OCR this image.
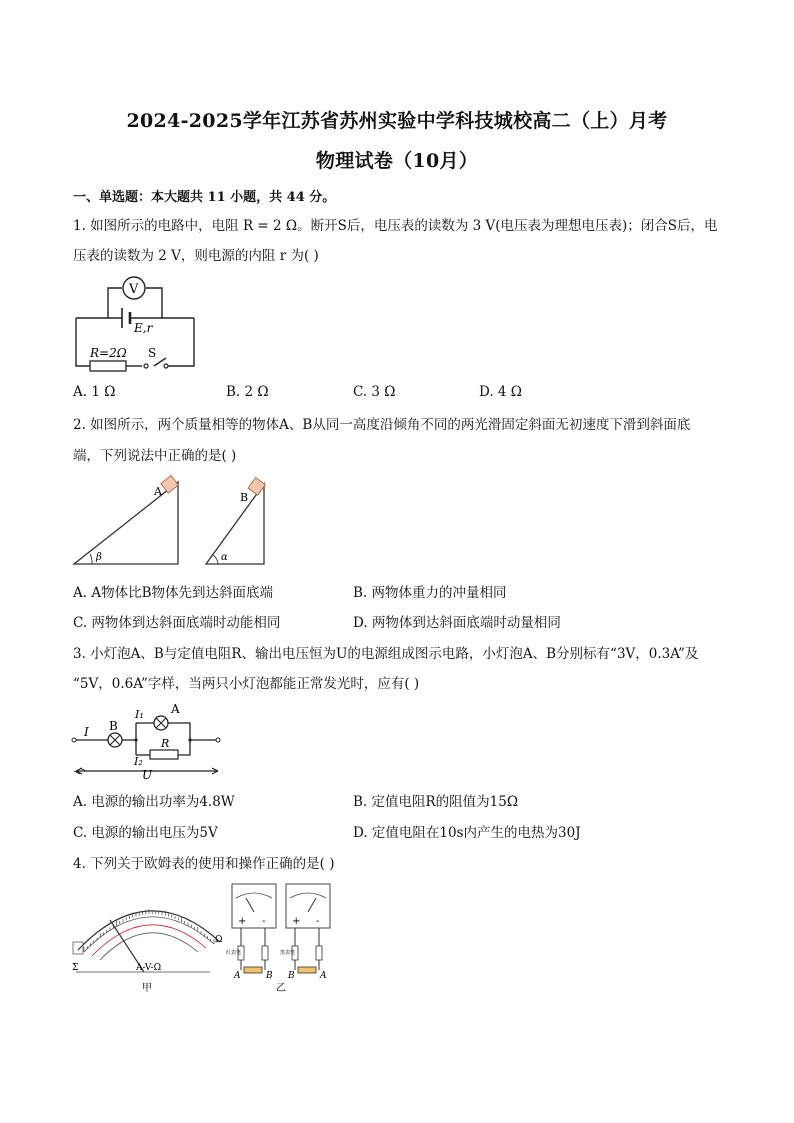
2024-2025学年江苏省苏州实验中学科技城校高二（上）月考
物理试卷（10月）
一、单选题：本大题共 11 小题，共 44 分。
1. 如图所示的电路中，电阻 R = 2 Ω。断开S后，电压表的读数为 3 V(电压表为理想电压表)；闭合S后，电
压表的读数为 2 V，则电源的内阻 r 为( )
V
E,r
R=2Ω S
A. 1 Ω	B. 2 Ω	C. 3 Ω	D. 4 Ω
2. 如图所示，两个质量相等的物体A、B从同一高度沿倾角不同的两光滑固定斜面无初速度下滑到斜面底
端，下列说法中正确的是( )
A
β
B
α
A. A物体比B物体先到达斜面底端	B. 两物体重力的冲量相同
C. 两物体到达斜面底端时动能相同	D. 两物体到达斜面底端时动量相同
3. 小灯泡A、B与定值电阻R、输出电压恒为U的电源组成图示电路，小灯泡A、B分别标有“3V，0.3A”及
“5V，0.6A”字样，当两只小灯泡都能正常发光时，应有( )
I B
I₁ A
R
I₂
U
A. 电源的输出功率为4.8W	B. 定值电阻R的阻值为15Ω
C. 电源的输出电压为5V	D. 定值电阻在10s内产生的电热为30J
4. 下列关于欧姆表的使用和操作正确的是( )
Σ
Ω
A-V-Ω
甲
+ -
红表笔
A	B
+ -
黑表笔
B	A
乙
